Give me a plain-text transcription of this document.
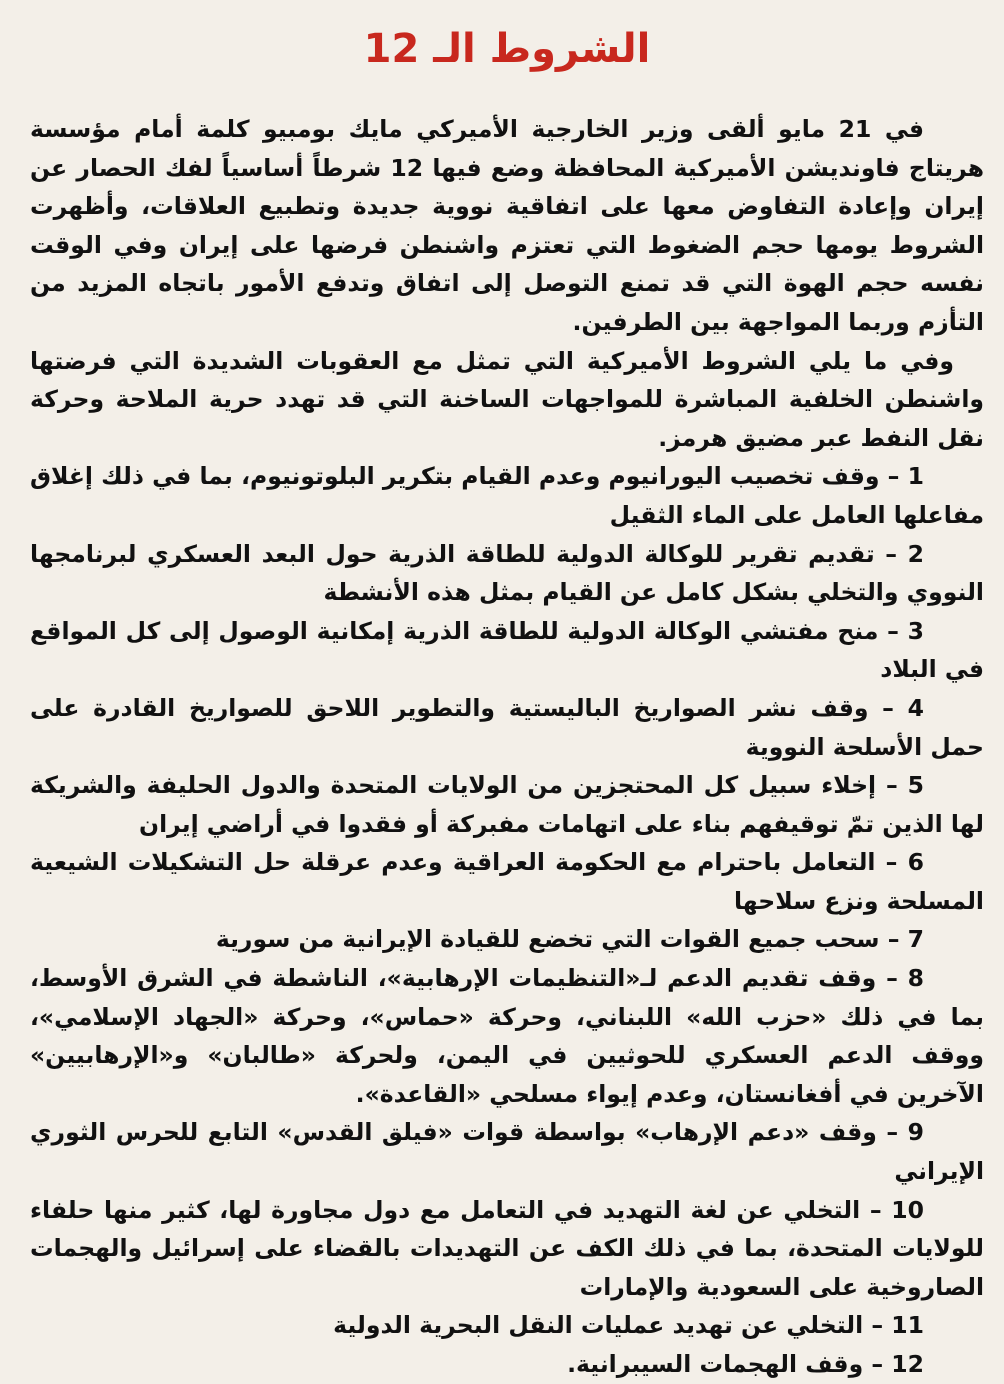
الشروط الـ 12

في 21 مايو ألقى وزير الخارجية الأميركي مايك بومبيو كلمة أمام مؤسسة هريتاج فاونديشن الأميركية المحافظة وضع فيها 12 شرطاً أساسياً لفك الحصار عن إيران وإعادة التفاوض معها على اتفاقية نووية جديدة وتطبيع العلاقات، وأظهرت الشروط يومها حجم الضغوط التي تعتزم واشنطن فرضها على إيران وفي الوقت نفسه حجم الهوة التي قد تمنع التوصل إلى اتفاق وتدفع الأمور باتجاه المزيد من التأزم وربما المواجهة بين الطرفين.

وفي ما يلي الشروط الأميركية التي تمثل مع العقوبات الشديدة التي فرضتها واشنطن الخلفية المباشرة للمواجهات الساخنة التي قد تهدد حرية الملاحة وحركة نقل النفط عبر مضيق هرمز.

1 – وقف تخصيب اليورانيوم وعدم القيام بتكرير البلوتونيوم، بما في ذلك إغلاق مفاعلها العامل على الماء الثقيل

2 – تقديم تقرير للوكالة الدولية للطاقة الذرية حول البعد العسكري لبرنامجها النووي والتخلي بشكل كامل عن القيام بمثل هذه الأنشطة

3 – منح مفتشي الوكالة الدولية للطاقة الذرية إمكانية الوصول إلى كل المواقع في البلاد

4 – وقف نشر الصواريخ الباليستية والتطوير اللاحق للصواريخ القادرة على حمل الأسلحة النووية

5 – إخلاء سبيل كل المحتجزين من الولايات المتحدة والدول الحليفة والشريكة لها الذين تمّ توقيفهم بناء على اتهامات مفبركة أو فقدوا في أراضي إيران

6 – التعامل باحترام مع الحكومة العراقية وعدم عرقلة حل التشكيلات الشيعية المسلحة ونزع سلاحها

7 – سحب جميع القوات التي تخضع للقيادة الإيرانية من سورية

8 – وقف تقديم الدعم لـ«التنظيمات الإرهابية»، الناشطة في الشرق الأوسط، بما في ذلك «حزب الله» اللبناني، وحركة «حماس»، وحركة «الجهاد الإسلامي»، ووقف الدعم العسكري للحوثيين في اليمن، ولحركة «طالبان» و«الإرهابيين» الآخرين في أفغانستان، وعدم إيواء مسلحي «القاعدة».

9 – وقف «دعم الإرهاب» بواسطة قوات «فيلق القدس» التابع للحرس الثوري الإيراني

10 – التخلي عن لغة التهديد في التعامل مع دول مجاورة لها، كثير منها حلفاء للولايات المتحدة، بما في ذلك الكف عن التهديدات بالقضاء على إسرائيل والهجمات الصاروخية على السعودية والإمارات

11 – التخلي عن تهديد عمليات النقل البحرية الدولية

12 – وقف الهجمات السيبرانية.
